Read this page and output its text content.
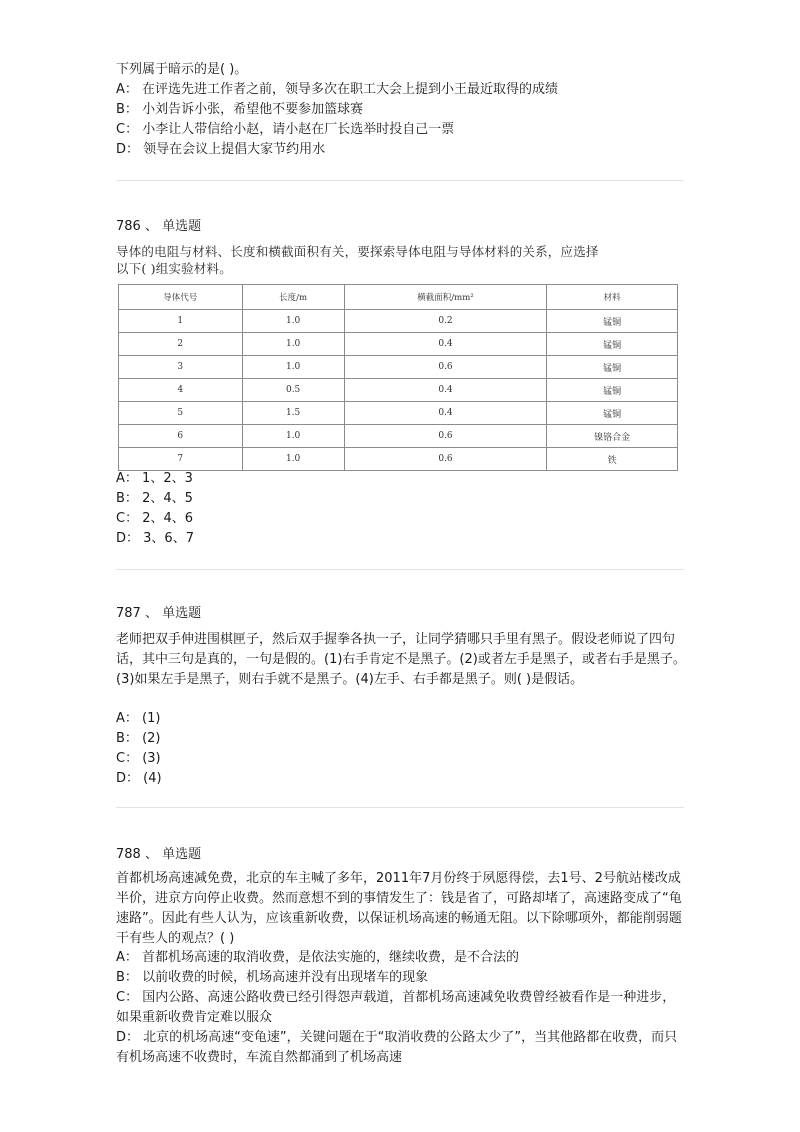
下列属于暗示的是( )。
A： 在评选先进工作者之前，领导多次在职工大会上提到小王最近取得的成绩
B： 小刘告诉小张，希望他不要参加篮球赛
C： 小李让人带信给小赵，请小赵在厂长选举时投自己一票
D： 领导在会议上提倡大家节约用水
786 、 单选题
导体的电阻与材料、长度和横截面积有关，要探索导体电阻与导体材料的关系，应选择
以下( )组实验材料。
导体代号	长度/m	横截面积/mm²	材料
1	1.0	0.2	锰铜
2	1.0	0.4	锰铜
3	1.0	0.6	锰铜
4	0.5	0.4	锰铜
5	1.5	0.4	锰铜
6	1.0	0.6	镍铬合金
7	1.0	0.6	铁
A： 1、2、3
B： 2、4、5
C： 2、4、6
D： 3、6、7
787 、 单选题
老师把双手伸进围棋匣子，然后双手握拳各执一子，让同学猜哪只手里有黑子。假设老师说了四句话，其中三句是真的，一句是假的。(1)右手肯定不是黑子。(2)或者左手是黑子，或者右手是黑子。(3)如果左手是黑子，则右手就不是黑子。(4)左手、右手都是黑子。则( )是假话。
A： (1)
B： (2)
C： (3)
D： (4)
788 、 单选题
首都机场高速减免费，北京的车主喊了多年，2011年7月份终于夙愿得偿，去1号、2号航站楼改成半价，进京方向停止收费。然而意想不到的事情发生了：钱是省了，可路却堵了，高速路变成了“龟速路”。因此有些人认为，应该重新收费，以保证机场高速的畅通无阻。以下除哪项外，都能削弱题干有些人的观点？( )
A： 首都机场高速的取消收费，是依法实施的，继续收费，是不合法的
B： 以前收费的时候，机场高速并没有出现堵车的现象
C： 国内公路、高速公路收费已经引得怨声载道，首都机场高速减免收费曾经被看作是一种进步，如果重新收费肯定难以服众
D： 北京的机场高速“变龟速”，关键问题在于“取消收费的公路太少了”，当其他路都在收费，而只有机场高速不收费时，车流自然都涌到了机场高速
